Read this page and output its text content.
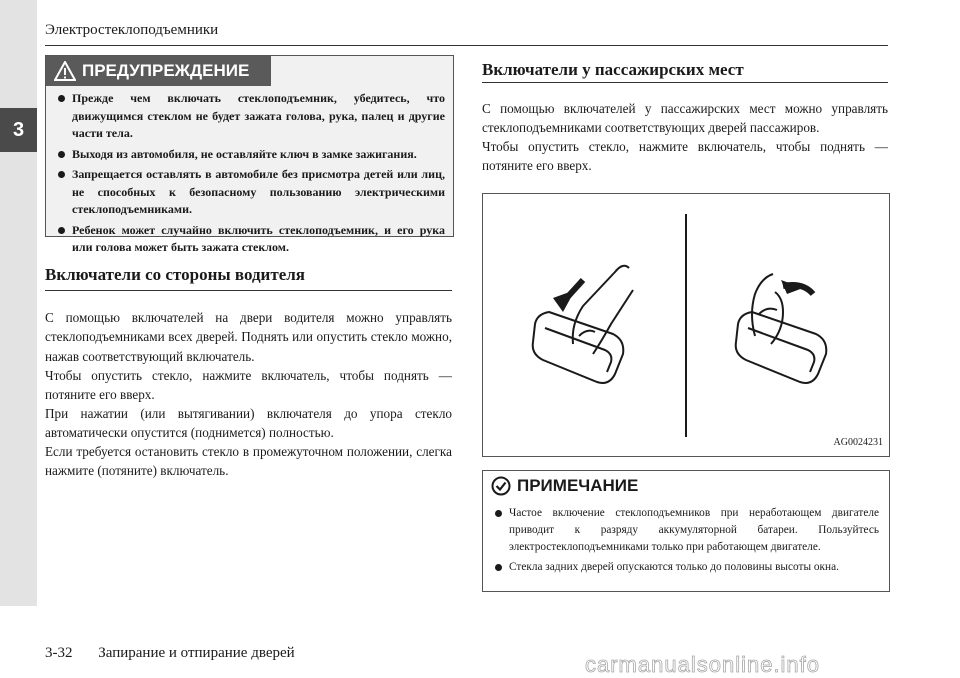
3
Электростеклоподъемники
ПРЕДУПРЕЖДЕНИЕ
Прежде чем включать стеклоподъемник, убедитесь, что движущимся стеклом не будет зажата голова, рука, палец и другие части тела.
Выходя из автомобиля, не оставляйте ключ в замке зажигания.
Запрещается оставлять в автомобиле без присмотра детей или лиц, не способных к безопасному пользованию электрическими стеклоподъемниками.
Ребенок может случайно включить стеклоподъемник, и его рука или голова может быть зажата стеклом.
Включатели со стороны водителя

С помощью включателей на двери водителя можно управлять стеклоподъемниками всех дверей. Поднять или опустить стекло можно, нажав соответствующий включатель.

Чтобы опустить стекло, нажмите включатель, чтобы поднять — потяните его вверх.

При нажатии (или вытягивании) включателя до упора стекло автоматически опустится (поднимется) полностью.

Если требуется остановить стекло в промежуточном положении, слегка нажмите (потяните) включатель.

Включатели у пассажирских мест

С помощью включателей у пассажирских мест можно управлять стеклоподъемниками соответствующих дверей пассажиров.

Чтобы опустить стекло, нажмите включатель, чтобы поднять — потяните его вверх.

AG0024231
ПРИМЕЧАНИЕ
Частое включение стеклоподъемников при неработающем двигателе приводит к разряду аккумуляторной батареи. Пользуйтесь электростеклоподъемниками только при работающем двигателе.
Стекла задних дверей опускаются только до половины высоты окна.
3-32 Запирание и отпирание дверей	carmanualsonline.info
